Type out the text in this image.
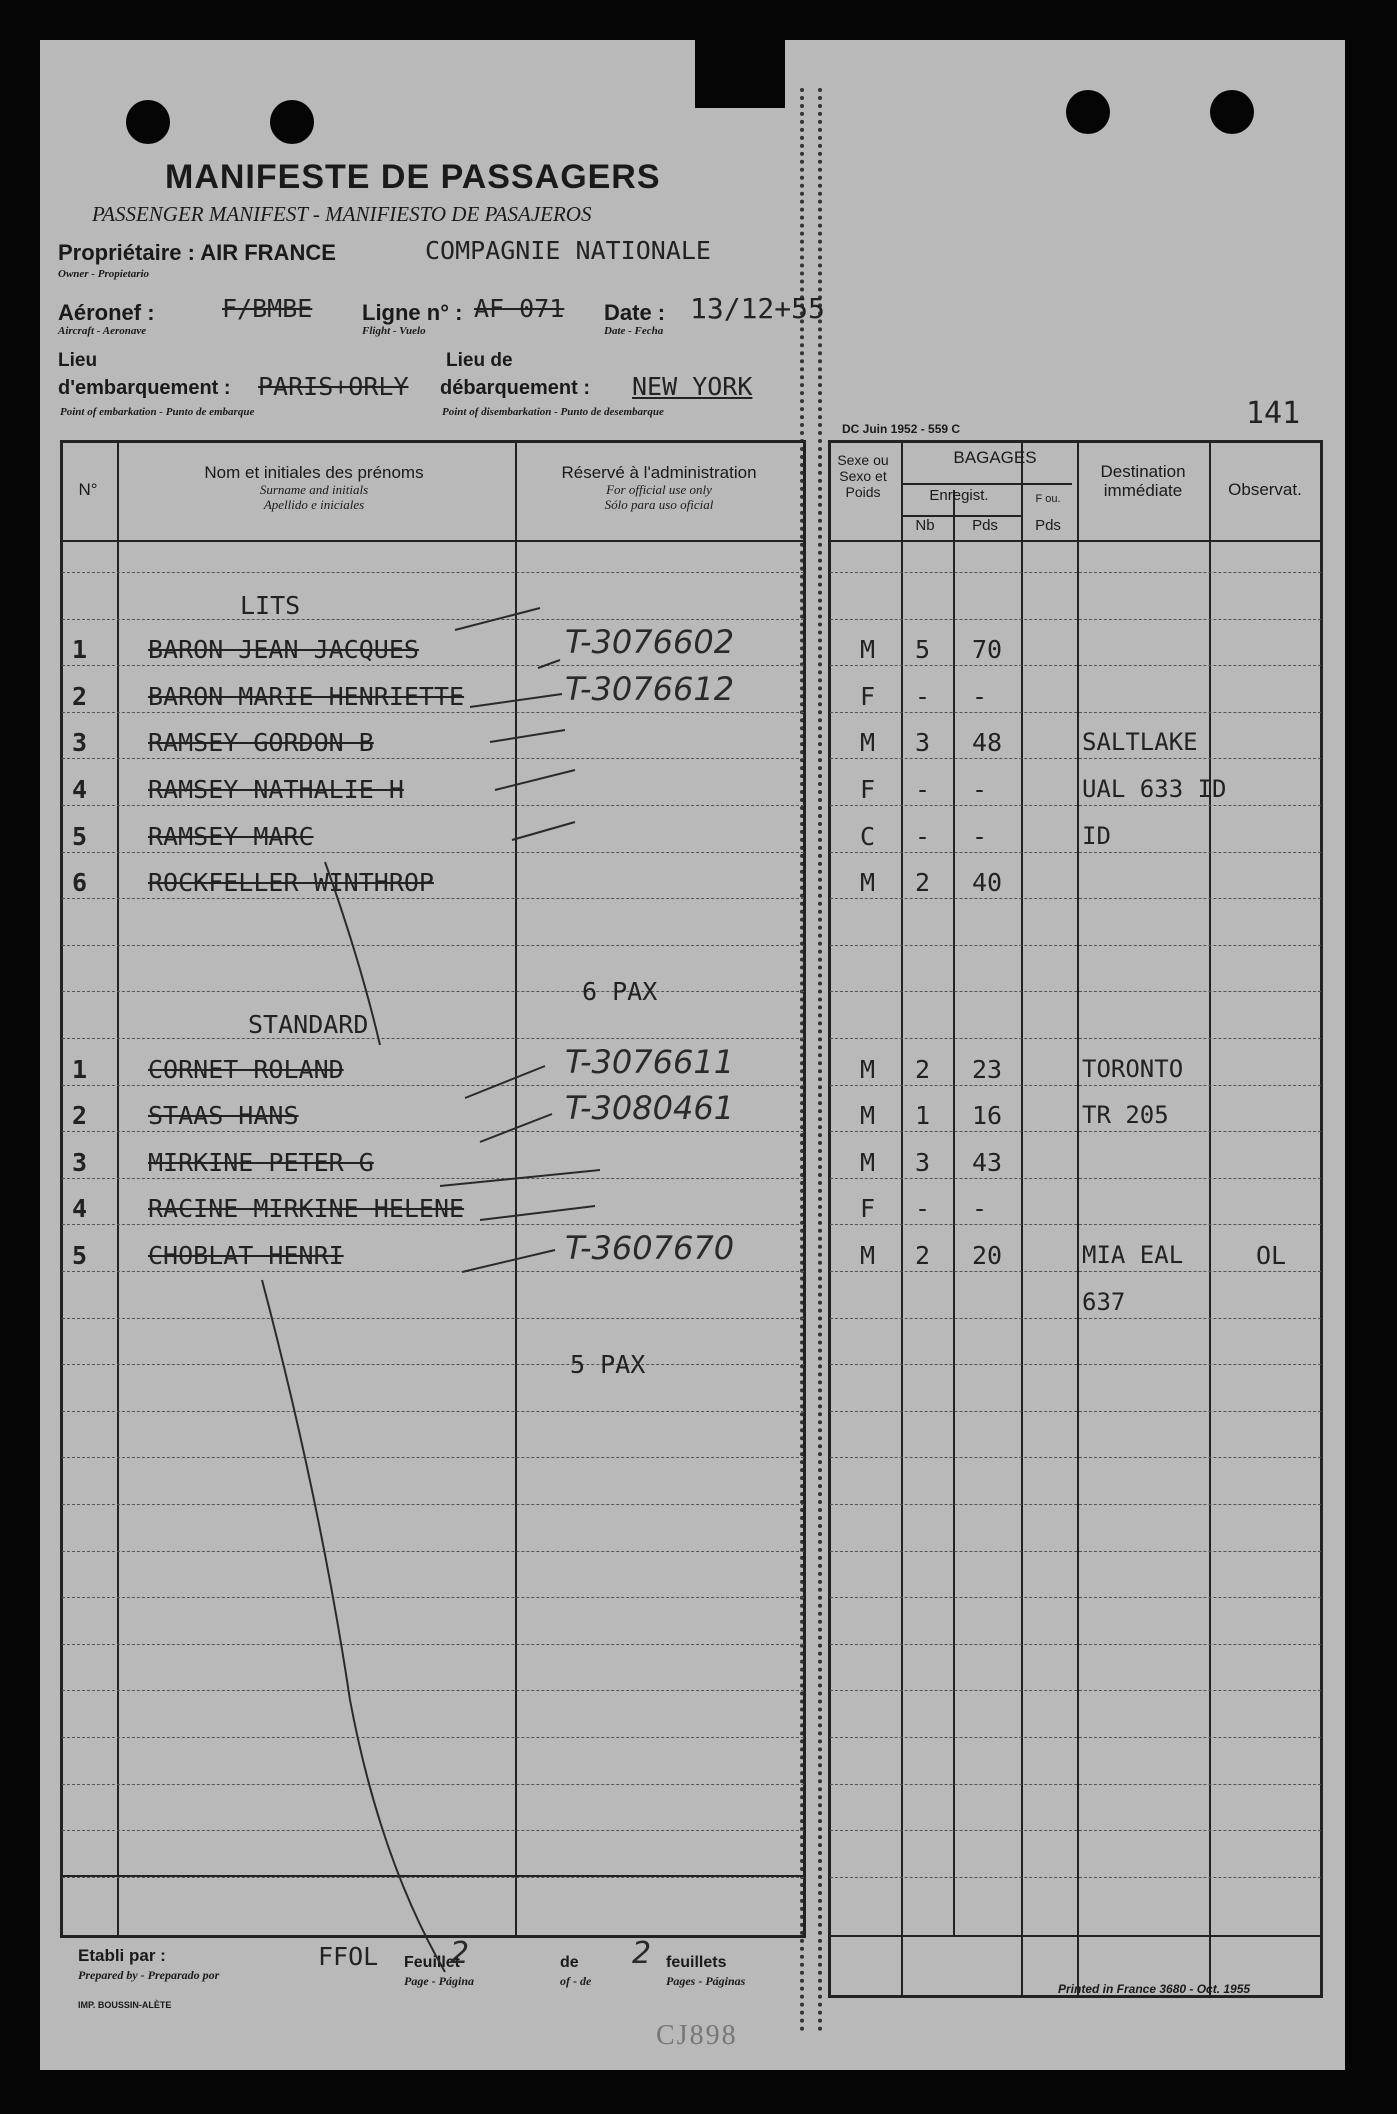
MANIFESTE DE PASSAGERS
PASSENGER MANIFEST - MANIFIESTO DE PASAJEROS
Propriétaire : AIR FRANCE	COMPAGNIE NATIONALE
Owner - Propietario
Aéronef :	F/BMBE
Aircraft - Aeronave
Ligne n° : AF 071
Flight - Vuelo
Date : 13/12+55
Date - Fecha
Lieu
d'embarquement : PARIS+ORLY
Point of embarkation - Punto de embarque
Lieu de
débarquement : NEW YORK
Point of disembarkation - Punto de desembarque
DC Juin 1952 - 559 C	141
N°
Nom et initiales des prénoms
Surname and initials
Apellido e iniciales
Réservé à l'administration
For official use only
Sólo para uso oficial
Sexe ou Sexo et Poids
BAGAGES
Enregist.
Nb	Pds
F ou.
Pds
Destination immédiate	Observat.
LITS
1 BARON JEAN JACQUES	T-3076602	M 5 70
2 BARON MARIE HENRIETTE	T-3076612	F - -
3 RAMSEY GORDON B	M 3 48	SALTLAKE
4 RAMSEY NATHALIE H	F - -	UAL 633 ID
5 RAMSEY MARC	C - -	ID
6 ROCKFELLER WINTHROP	M 2 40
6 PAX
STANDARD
1 CORNET ROLAND	T-3076611	M 2 23	TORONTO
2 STAAS HANS	T-3080461	M 1 16	TR 205
3 MIRKINE PETER G	M 3 43
4 RACINE MIRKINE HELENE	F - -
5 CHOBLAT HENRI	T-3607670	M 2 20	MIA EAL	OL
637
5 PAX
Etabli par :
Prepared by - Preparado por
FFOL Feuillet
Page - Página
2	de
of - de
2 feuillets
Pages - Páginas
Printed in France 3680 - Oct. 1955
IMP. BOUSSIN-ALÈTE
CJ898
